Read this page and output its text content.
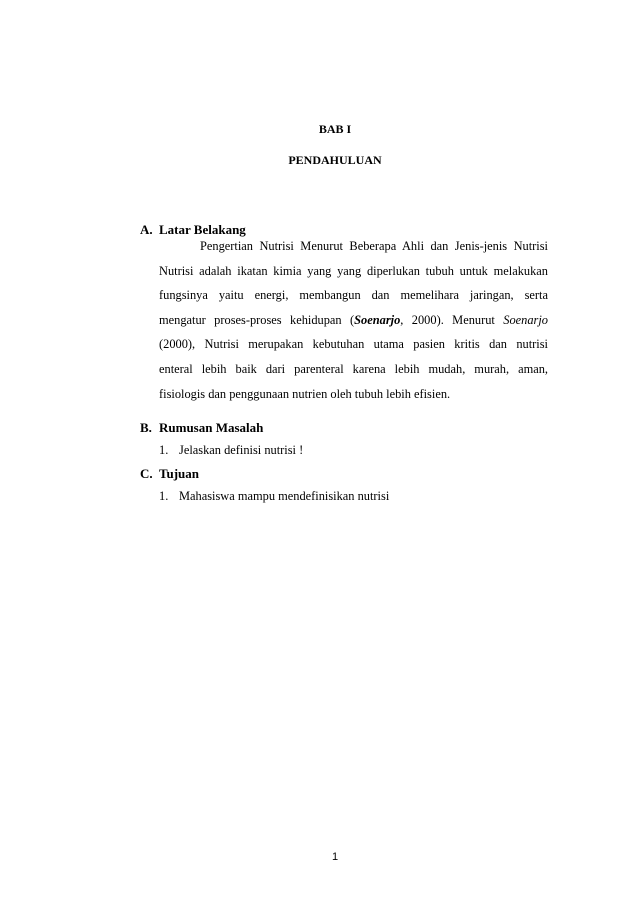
BAB I
PENDAHULUAN
A. Latar Belakang
Pengertian Nutrisi Menurut Beberapa Ahli dan Jenis-jenis Nutrisi
Nutrisi adalah ikatan kimia yang yang diperlukan tubuh untuk melakukan
fungsinya yaitu energi, membangun dan memelihara jaringan, serta
mengatur proses-proses kehidupan (Soenarjo, 2000). Menurut Soenarjo
(2000), Nutrisi merupakan kebutuhan utama pasien kritis dan nutrisi
enteral lebih baik dari parenteral karena lebih mudah, murah, aman,
fisiologis dan penggunaan nutrien oleh tubuh lebih efisien.
B. Rumusan Masalah
1. Jelaskan definisi nutrisi !
C. Tujuan
1. Mahasiswa mampu mendefinisikan nutrisi
1
